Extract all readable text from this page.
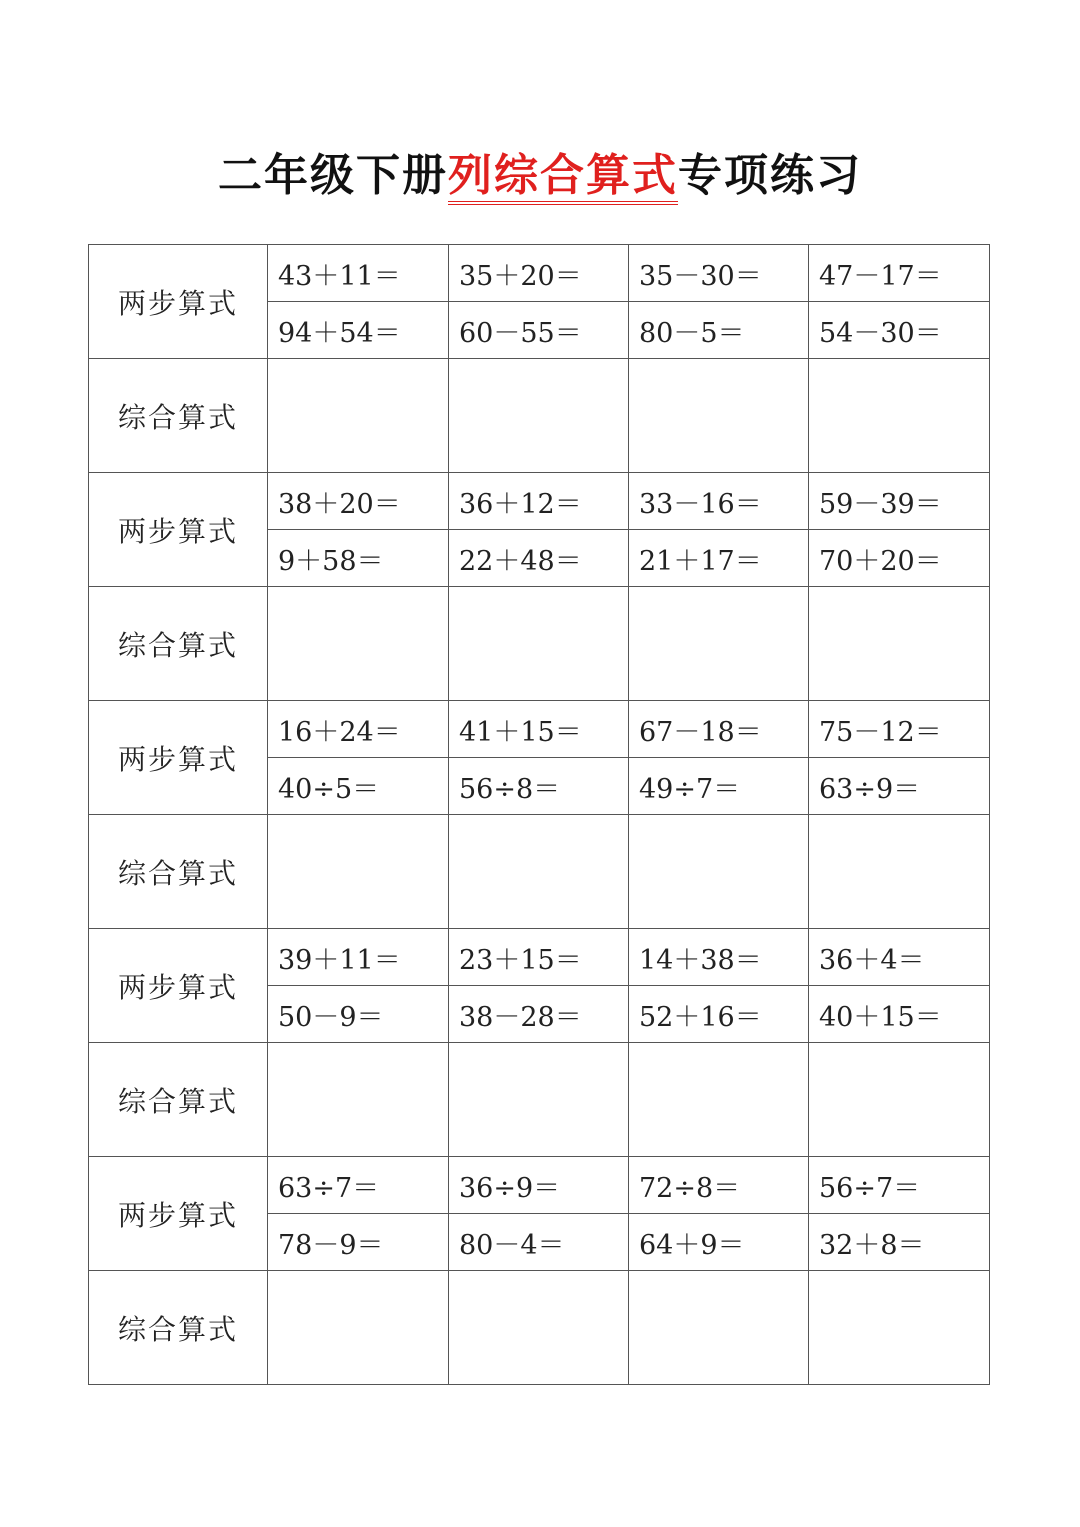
二年级下册列综合算式专项练习
两步算式	43＋11＝	35＋20＝	35－30＝	47－17＝
	94＋54＝	60－55＝	80－5＝	54－30＝
综合算式				
两步算式	38＋20＝	36＋12＝	33－16＝	59－39＝
	9＋58＝	22＋48＝	21＋17＝	70＋20＝
综合算式				
两步算式	16＋24＝	41＋15＝	67－18＝	75－12＝
	40÷5＝	56÷8＝	49÷7＝	63÷9＝
综合算式				
两步算式	39＋11＝	23＋15＝	14＋38＝	36＋4＝
	50－9＝	38－28＝	52＋16＝	40＋15＝
综合算式				
两步算式	63÷7＝	36÷9＝	72÷8＝	56÷7＝
	78－9＝	80－4＝	64＋9＝	32＋8＝
综合算式				
